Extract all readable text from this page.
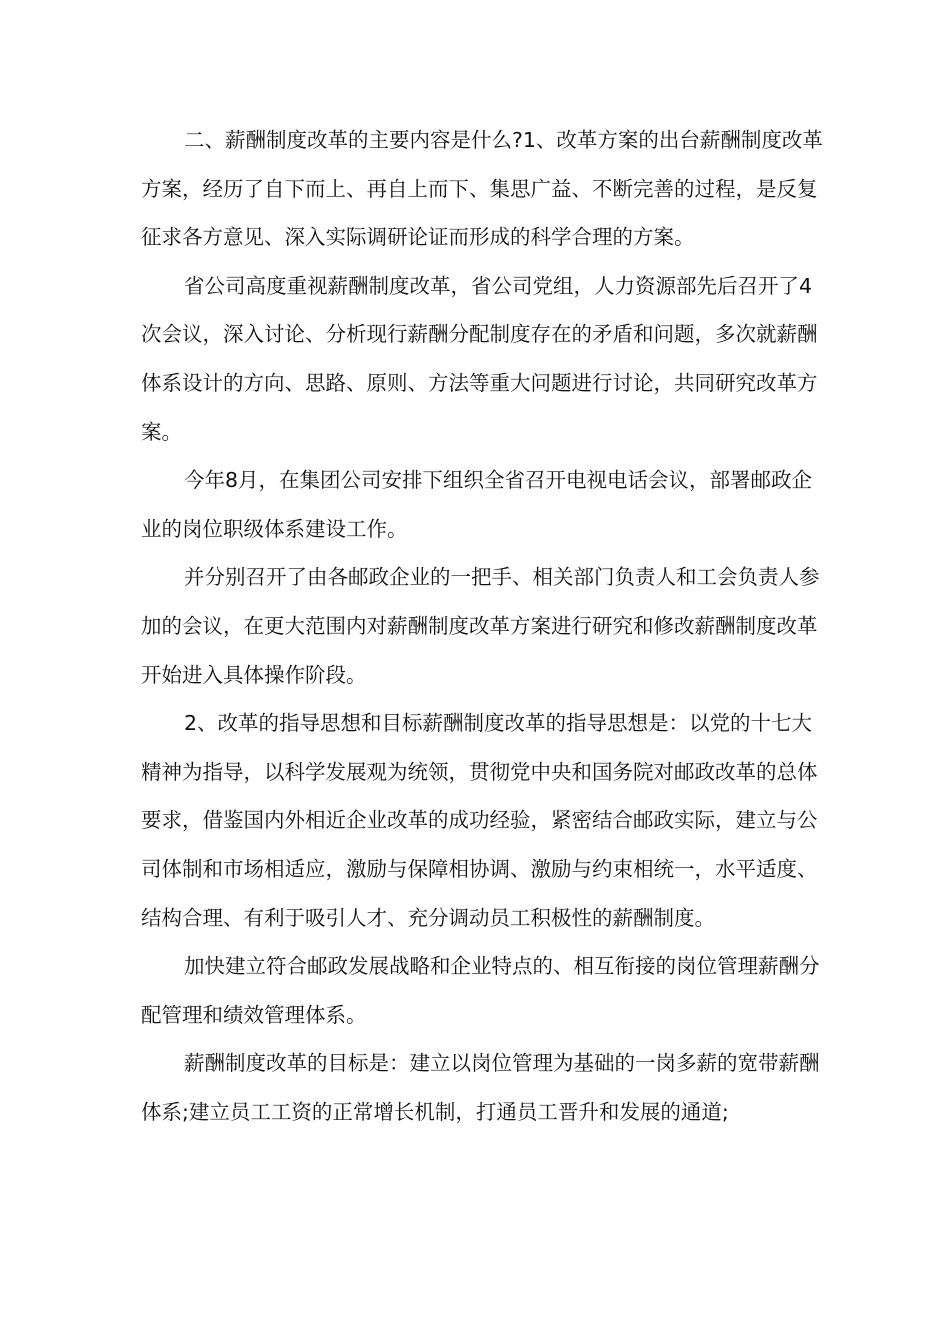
二、薪酬制度改革的主要内容是什么?1、改革方案的出台薪酬制度改革方案，经历了自下而上、再自上而下、集思广益、不断完善的过程，是反复征求各方意见、深入实际调研论证而形成的科学合理的方案。

省公司高度重视薪酬制度改革，省公司党组，人力资源部先后召开了4次会议，深入讨论、分析现行薪酬分配制度存在的矛盾和问题，多次就薪酬体系设计的方向、思路、原则、方法等重大问题进行讨论，共同研究改革方案。

今年8月，在集团公司安排下组织全省召开电视电话会议，部署邮政企业的岗位职级体系建设工作。

并分别召开了由各邮政企业的一把手、相关部门负责人和工会负责人参加的会议，在更大范围内对薪酬制度改革方案进行研究和修改薪酬制度改革开始进入具体操作阶段。

2、改革的指导思想和目标薪酬制度改革的指导思想是：以党的十七大精神为指导，以科学发展观为统领，贯彻党中央和国务院对邮政改革的总体要求，借鉴国内外相近企业改革的成功经验，紧密结合邮政实际，建立与公司体制和市场相适应，激励与保障相协调、激励与约束相统一，水平适度、结构合理、有利于吸引人才、充分调动员工积极性的薪酬制度。

加快建立符合邮政发展战略和企业特点的、相互衔接的岗位管理薪酬分配管理和绩效管理体系。

薪酬制度改革的目标是：建立以岗位管理为基础的一岗多薪的宽带薪酬体系;建立员工工资的正常增长机制，打通员工晋升和发展的通道;
